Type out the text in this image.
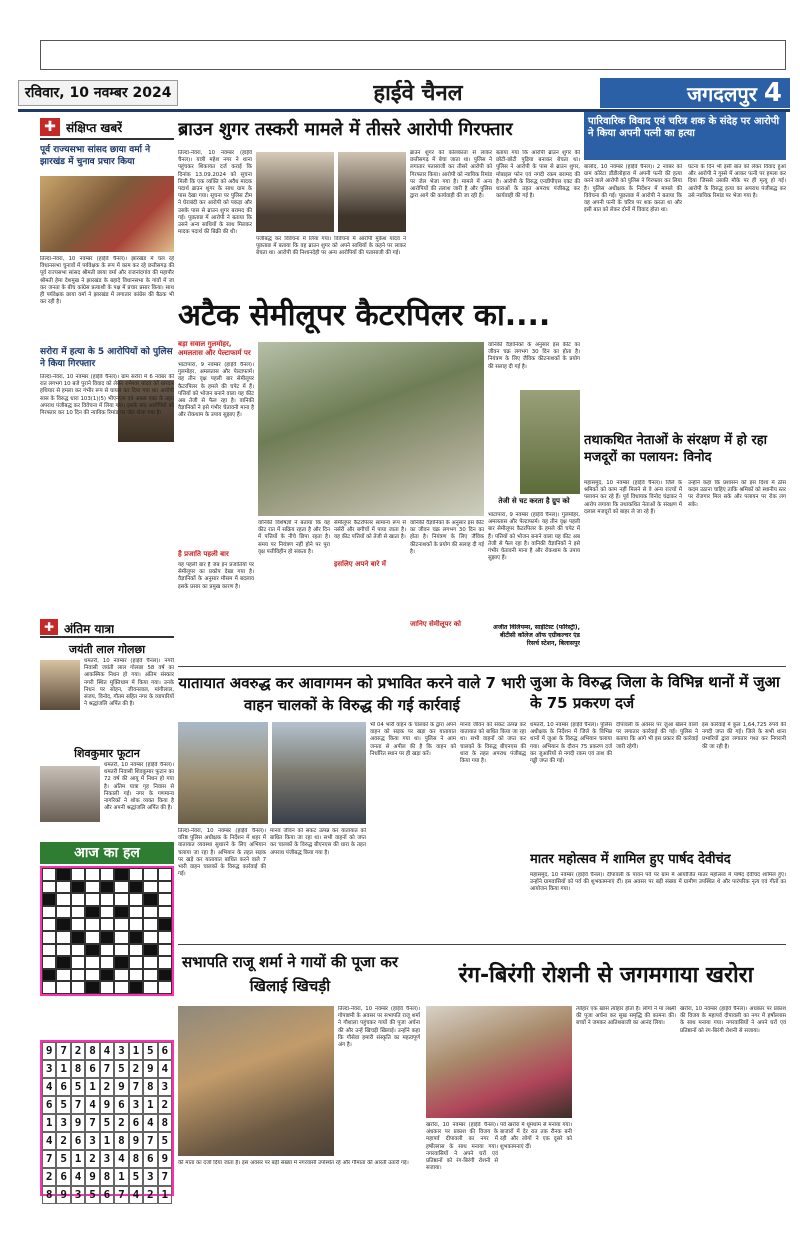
रविवार, 10 नवम्बर 2024	हाईवे चैनल	जगदलपुर 4
✚ संक्षिप्त खबरें
पूर्व राज्यसभा सांसद छाया वर्मा ने झारखंड में चुनाव प्रचार किया
तिल्दा-नेवरा, 10 नवम्बर (हाईवे चैनल)। झारखंड में चल रहे विधानसभा चुनावों में पर्यवेक्षक के रूप में काम कर रहे छत्तीसगढ़ की पूर्व राज्यसभा सांसद श्रीमती छाया वर्मा और राजनांदगांव की महापौर श्रीमती हेमा देशमुख ने झारखंड के बहादे विधानसभा के गांवों में जा कर जनता के बीच कांग्रेस प्रत्याशी के पक्ष में प्रचार प्रसार किया। साथ ही पर्यवेक्षक छाया वर्मा ने झारखंड में लगातार कांग्रेस की बैठक भी कर रही है।
सरोरा में हत्या के 5 आरोपियों को पुलिस ने किया गिरफ्तार
तिल्दा-नेवरा, 10 नवम्बर (हाईवे चैनल)। ग्राम सरोरा में 6 नवंबर की रात लगभग 10 बजे पुराने विवाद को लेकर रामेश्वर यादव को धारदार हथियार से हमला कर गंभीर रूप से घायल कर दिया गया था। आरोपी सास के विरुद्ध धारा 103(1)(5) भीएनएस एवं आम्र्स एक्ट के तहत अपराध पंजीबद्ध कर विवेचना में लिया गया। इसके बाद आरोपियों को गिरफ्तार कर 10 दिन की न्यायिक रिमांड पर जेल भेजा गया है।
✚ अंतिम यात्रा
जयंती लाल गोलछा
धमतरी, 10 नवम्बर (हाईवे चैनल)। नगरी निवासी जयंती लाल गोलछा 58 वर्ष का आकस्मिक निधन हो गया। अंतिम संस्कार नगरी स्थित मुक्तिधाम में किया गया। उनके निधन पर सोहन, जीवनलाल, मांगीलाल, संजय, विनोद, गौतम सहित नगर के व्यापारियों ने श्रद्धांजलि अर्पित की है।
शिवकुमार फूटान
धमतरी, 10 नवम्बर (हाईवे चैनल)। धमतरी निवासी शिवकुमार फूटान का 72 वर्ष की आयु में निधन हो गया है। अंतिम यात्रा गृह निवास से निकाली गई। नगर के गणमान्य नागरिकों ने शोक व्यक्त किया है और अपनी श्रद्धांजलि अर्पित की है।
आज का हल
9 7 2 8 4 3 1 5 6
3 1 8 6 7 5 2 9 4
4 6 5 1 2 9 7 8 3
6 5 7 4 9 6 3 1 2
1 3 9 7 5 2 6 4 8
4 2 6 3 1 8 9 7 5
7 5 1 2 3 4 8 6 9
2 6 4 9 8 1 5 3 7
8 9 3 5 6 7 4 2 1
ब्राउन शुगर तस्करी मामले में तीसरे आरोपी गिरफ्तार
तिल्दा-नेवरा, 10 नवम्बर (हाईवे चैनल)। यात्री महेश नगर ने थाना पहुंचकर शिकायत दर्ज कराई कि दिनांक 13.09.2024 को सूचना मिली कि एक व्यक्ति को अवैध मादक पदार्थ ब्राउन शुगर के साथ ग्राम के पास देखा गया। सूचना पर पुलिस टीम ने घेराबंदी कर आरोपी को पकड़ा और उसके पास से ब्राउन शुगर बरामद की गई। पूछताछ में आरोपी ने बताया कि उसने अन्य साथियों के साथ मिलकर मादक पदार्थ की बिक्री की थी।
पंजीबद्ध कर विवेचना में लिया गया। विवेचना में आरोपी मुकेश यादव ने पूछताछ में बताया कि वह ब्राउन शुगर को अपने साथियों के कहने पर लाकर बेचता था। आरोपी की निशानदेही पर अन्य आरोपियों की पतासाजी की गई।
ब्राउन शुगर को कोलकाता से लाकर छत्तीसगढ़ में बेचा जाता था। पुलिस ने लगातार पतासाजी कर तीसरे आरोपी को गिरफ्तार किया। आरोपी को न्यायिक रिमांड पर जेल भेजा गया है। मामले में अन्य आरोपियों की तलाश जारी है और पुलिस द्वारा आगे की कार्यवाही की जा रही है।
बताया गया कि आरोपी ब्राउन शुगर की छोटी-छोटी पुड़िया बनाकर बेचता था। पुलिस ने आरोपी के पास से ब्राउन शुगर, मोबाइल फोन एवं नगदी रकम बरामद की है। आरोपी के विरुद्ध एनडीपीएस एक्ट की धाराओं के तहत अपराध पंजीबद्ध कर कार्यवाही की गई है।
अटैक सेमीलूपर कैटरपिलर का....
बड़ा सवाल गुलमोहर, अमलतास और पेल्टाफार्म पर
भाटापारा, 9 नवम्बर (हाईवे चैनल)। गुलमोहर, अमलतास और पेल्टाफार्म। यह तीन वृक्ष पहली बार सेमीलूपर कैटरपिलर के हमले की चपेट में हैं। पत्तियों को भोजन बनाने वाला यह कीट अब तेजी से फैल रहा है। वानिकी वैज्ञानिकों ने इसे गंभीर चेतावनी माना है और रोकथाम के उपाय सुझाए हैं।
है प्रजाति पहली बार
यह पहली बार है जब इन प्रजातियों पर सेमीलूपर का प्रकोप देखा गया है। वैज्ञानिकों के अनुसार मौसम में बदलाव इसके प्रसार का प्रमुख कारण है।
वानिकी विशेषज्ञों ने बताया कि यह कीट रात में सक्रिय रहता है और दिन में पत्तियों के नीचे छिपा रहता है। समय पर नियंत्रण नहीं होने पर पूरा वृक्ष पत्तीविहीन हो सकता है।
इसलिए अपने बारे में
सेमीलूपर कैटरपिलर सामान्य रूप से नर्सरी और बगीचों में पाया जाता है। यह कीट पत्तियों को तेजी से खाता है।
जानिए सेमीलूपर को
वानिकी वैज्ञानिकों के अनुसार इस कीट का जीवन चक्र लगभग 30 दिन का होता है। नियंत्रण के लिए जैविक कीटनाशकों के प्रयोग की सलाह दी गई है।
वानिकी वैज्ञानिकों के अनुसार इस कीट का जीवन चक्र लगभग 30 दिन का होता है। नियंत्रण के लिए जैविक कीटनाशकों के प्रयोग की सलाह दी गई है।
तेजी से चट करता है ग्रुप को
भाटापारा, 9 नवम्बर (हाईवे चैनल)। गुलमोहर, अमलतास और पेल्टाफार्म। यह तीन वृक्ष पहली बार सेमीलूपर कैटरपिलर के हमले की चपेट में हैं। पत्तियों को भोजन बनाने वाला यह कीट अब तेजी से फैल रहा है। वानिकी वैज्ञानिकों ने इसे गंभीर चेतावनी माना है और रोकथाम के उपाय सुझाए हैं।
अजीत विलियम्स, साइंटिस्ट (फॉरेस्ट्री), बीटीसी कॉलेज ऑफ एग्रीकल्चर एंड रिसर्च स्टेशन, बिलासपुर
पारिवारिक विवाद एवं चरित्र शक के संदेह पर आरोपी ने किया अपनी पत्नी का हत्या
बालोद, 10 नवम्बर (हाईवे चैनल)। 2 नवंबर को ग्राम कोरेटा डौंडीलोहारा में अपनी पत्नी की हत्या करने वाले आरोपी को पुलिस ने गिरफ्तार कर लिया है। पुलिस अधीक्षक के निर्देशन में मामले की विवेचना की गई। पूछताछ में आरोपी ने बताया कि वह अपनी पत्नी के चरित्र पर शक करता था और इसी बात को लेकर दोनों में विवाद होता था।
घटना के दिन भी इसी बात को लेकर विवाद हुआ और आरोपी ने गुस्से में आकर पत्नी पर हमला कर दिया जिससे उसकी मौके पर ही मृत्यु हो गई। आरोपी के विरुद्ध हत्या का अपराध पंजीबद्ध कर उसे न्यायिक रिमांड पर भेजा गया है।
तथाकथित नेताओं के संरक्षण में हो रहा मजदूरों का पलायन: विनोद
महासमुंद, 10 नवम्बर (हाईवे चैनल)। जिले के श्रमिकों को काम नहीं मिलने से वे अन्य राज्यों में पलायन कर रहे हैं। पूर्व विधायक विनोद चंद्राकर ने आरोप लगाया कि तथाकथित नेताओं के संरक्षण में दलाल मजदूरों को बाहर ले जा रहे हैं।
उन्होंने कहा कि प्रशासन को इस दिशा में ठोस कदम उठाना चाहिए ताकि श्रमिकों को स्थानीय स्तर पर रोजगार मिल सके और पलायन पर रोक लग सके।
यातायात अवरुद्ध कर आवागमन को प्रभावित करने वाले 7 भारी वाहन चालकों के विरुद्ध की गई कार्रवाई
तिल्दा-नेवरा, 10 नवम्बर (हाईवे चैनल)। वरिष्ठ पुलिस अधीक्षक के निर्देशन में शहर में यातायात व्यवस्था सुधारने के लिए अभियान चलाया जा रहा है। अभियान के तहत सड़क पर खड़े कर यातायात बाधित करने वाले 7 भारी वाहन चालकों के विरुद्ध कार्रवाई की गई।
मानव जीवन को संकट उत्पन्न कर यातायात को बाधित किया जा रहा था। सभी वाहनों को जप्त कर चालकों के विरुद्ध बीएनएस की धारा के तहत अपराध पंजीबद्ध किया गया है।
भी 04 भारी वाहन के चालकों के द्वारा अपने वाहन को सड़क पर खड़ा कर यातायात अवरुद्ध किया गया था। पुलिस ने आम जनता से अपील की है कि वाहन को निर्धारित स्थान पर ही खड़ा करें।
मानव जीवन को संकट उत्पन्न कर यातायात को बाधित किया जा रहा था। सभी वाहनों को जप्त कर चालकों के विरुद्ध बीएनएस की धारा के तहत अपराध पंजीबद्ध किया गया है।
जुआ के विरुद्ध जिला के विभिन्न थानों में जुआ के 75 प्रकरण दर्ज
धमतरी, 10 नवम्बर (हाईवे चैनल)। पुलिस अधीक्षक के निर्देशन में जिले के विभिन्न थानों में जुआ के विरुद्ध अभियान चलाया गया। अभियान के दौरान 75 प्रकरण दर्ज कर जुआरियों से नगदी रकम एवं ताश की गड्डी जप्त की गई।
दीपावली के अवसर पर जुआ खेलने वालों पर लगातार कार्रवाई की गई। पुलिस ने बताया कि आगे भी इस प्रकार की कार्रवाई जारी रहेगी।
इस कार्रवाई में कुल 1,64,725 रुपये की नगदी जप्त की गई। जिले के सभी थाना प्रभारियों द्वारा लगातार गश्त कर निगरानी की जा रही है।
मातर महोत्सव में शामिल हुए पार्षद देवीचंद
महासमुंद, 10 नवम्बर (हाईवे चैनल)। दीपावली के पावन पर्व पर ग्राम में आयोजित मातर महोत्सव में पार्षद देवीचंद शामिल हुए। उन्होंने ग्रामवासियों को पर्व की शुभकामनाएं दीं। इस अवसर पर बड़ी संख्या में ग्रामीण उपस्थित थे और पारंपरिक नृत्य एवं गीतों का आयोजन किया गया।
सभापति राजू शर्मा ने गायों की पूजा कर खिलाई खिचड़ी
तिल्दा-नेवरा, 10 नवम्बर (हाईवे चैनल)। गोपाष्टमी के अवसर पर सभापति राजू शर्मा ने गौशाला पहुंचकर गायों की पूजा अर्चना की और उन्हें खिचड़ी खिलाई। उन्होंने कहा कि गौसेवा हमारी संस्कृति का महत्वपूर्ण अंग है।
की माता का दर्जा दिया जाता है। इस अवसर पर बड़ी संख्या में नगरवासी उपस्थित रहे और गौमाता की आरती उतारी गई।
रंग-बिरंगी रोशनी से जगमगाया खरोरा
खरोरा, 10 नवम्बर (हाईवे चैनल)। अंधकार पर प्रकाश की विजय के महापर्व दीपावली का नगर में हर्षोल्लास के साथ मनाया गया। नगरवासियों ने अपने घरों एवं प्रतिष्ठानों को रंग-बिरंगी रोशनी से सजाया।
पर्व खरोरा में धूमधाम से मनाया गया। बाजारों में देर रात तक रौनक बनी रही और लोगों ने एक दूसरे को शुभकामनाएं दीं।
त्योहार एक खास त्योहार होता है। लोगों ने मां लक्ष्मी की पूजा अर्चना कर सुख समृद्धि की कामना की। बच्चों ने जमकर आतिशबाजी का आनंद लिया।
खरोरा, 10 नवम्बर (हाईवे चैनल)। अंधकार पर प्रकाश की विजय के महापर्व दीपावली का नगर में हर्षोल्लास के साथ मनाया गया। नगरवासियों ने अपने घरों एवं प्रतिष्ठानों को रंग-बिरंगी रोशनी से सजाया।
